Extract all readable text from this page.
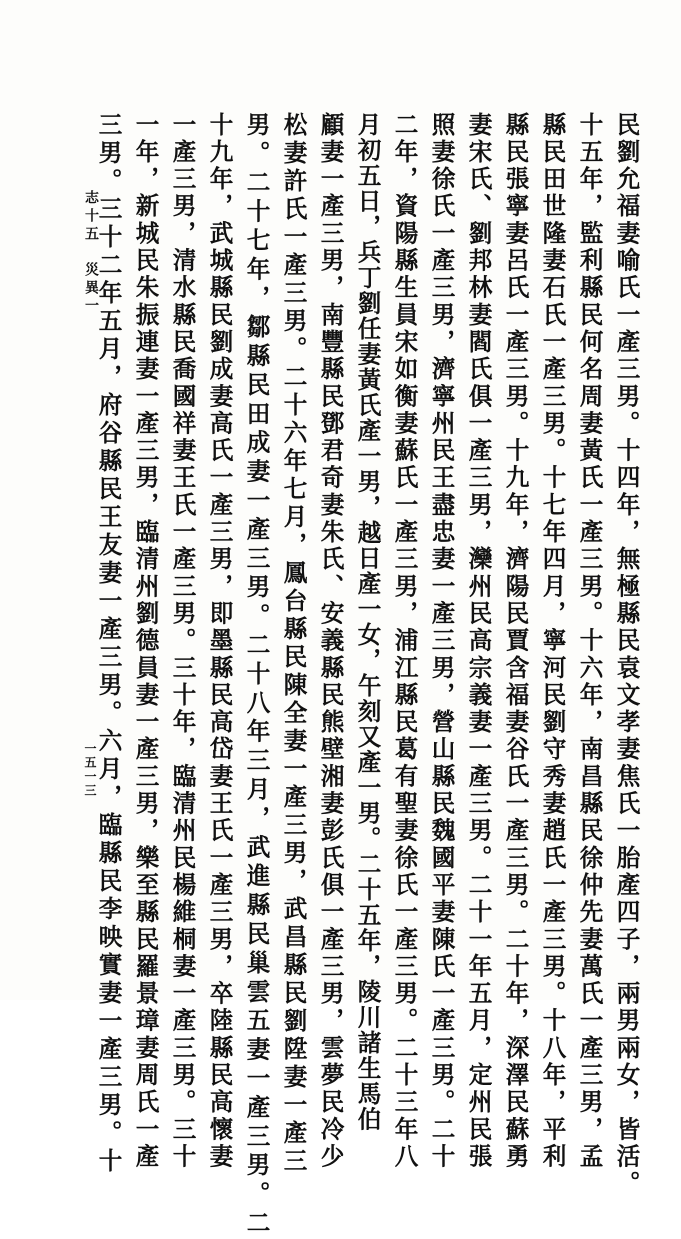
民劉允福妻喻氏一產三男。十四年，無極縣民袁文孝妻焦氏一胎產四子，兩男兩女，皆活。
十五年，監利縣民何名周妻黃氏一產三男。十六年，南昌縣民徐仲先妻萬氏一產三男，孟
縣民田世隆妻石氏一產三男。十七年四月，寧河民劉守秀妻趙氏一產三男。十八年，平利
縣民張寧妻呂氏一產三男。十九年，濟陽民賈含福妻谷氏一產三男。二十年，深澤民蘇勇
妻宋氏、劉邦林妻閻氏俱一產三男，灤州民高宗義妻一產三男。二十一年五月，定州民張
照妻徐氏一產三男，濟寧州民王盡忠妻一產三男，營山縣民魏國平妻陳氏一產三男。二十
二年，資陽縣生員宋如衡妻蘇氏一產三男，浦江縣民葛有聖妻徐氏一產三男。二十三年八
月初五日，兵丁劉任妻黃氏產一男，越日產一女，午刻又產一男。二十五年，陵川諸生馬伯
顧妻一產三男，南豐縣民鄧君奇妻朱氏、安義縣民熊壁湘妻彭氏俱一產三男，雲夢民冷少
松妻許氏一產三男。二十六年七月，鳳台縣民陳全妻一產三男，武昌縣民劉陞妻一產三
男。二十七年，鄒縣民田成妻一產三男。二十八年三月，武進縣民巢雲五妻一產三男。二
十九年，武城縣民劉成妻高氏一產三男，即墨縣民高岱妻王氏一產三男，卒陸縣民高懷妻
一產三男，清水縣民喬國祥妻王氏一產三男。三十年，臨清州民楊維桐妻一產三男。三十
一年，新城民朱振連妻一產三男，臨清州劉德員妻一產三男，樂至縣民羅景璋妻周氏一產
三男。三十二年五月，府谷縣民王友妻一產三男。六月，臨縣民李映實妻一產三男。十
志十五
災異一
一五一三
